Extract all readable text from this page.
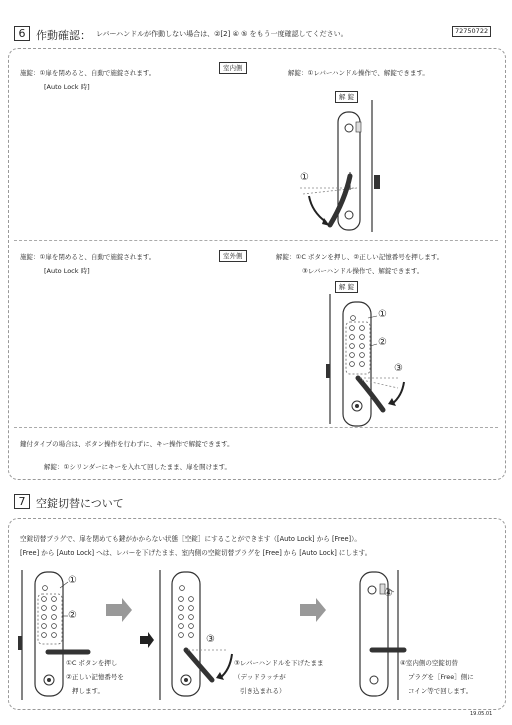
6 作動確認： レバーハンドルが作動しない場合は、②[2] ④ ⑤ をもう一度確認してください。	72750722
施錠：①扉を閉めると、自動で施錠されます。
[Auto Lock 時]
室内側
解錠：①レバーハンドル操作で、解錠できます。
解 錠
①
施錠：①扉を閉めると、自動で施錠されます。
[Auto Lock 時]
室外側	解錠：①C ボタンを押し、②正しい記憶番号を押します。
③レバーハンドル操作で、解錠できます。
解 錠
①
②
③
鍵付タイプの場合は、ボタン操作を行わずに、キー操作で解錠できます。
解錠：①シリンダーにキーを入れて回したまま、扉を開けます。
7 空錠切替について
空錠切替プラグで、扉を閉めても鍵がかからない状態［空錠］にすることができます（[Auto Lock] から [Free]）。
[Free] から [Auto Lock] へは、レバーを下げたまま、室内側の空錠切替プラグを [Free] から [Auto Lock] にします。
①
②
③
④
①C ボタンを押し
②正しい記憶番号を
押します。
③レバーハンドルを下げたまま
（デッドラッチが
引き込まれる）
④室内側の空錠切替
プラグを［Free］側に
コイン等で回します。
19.05.01
